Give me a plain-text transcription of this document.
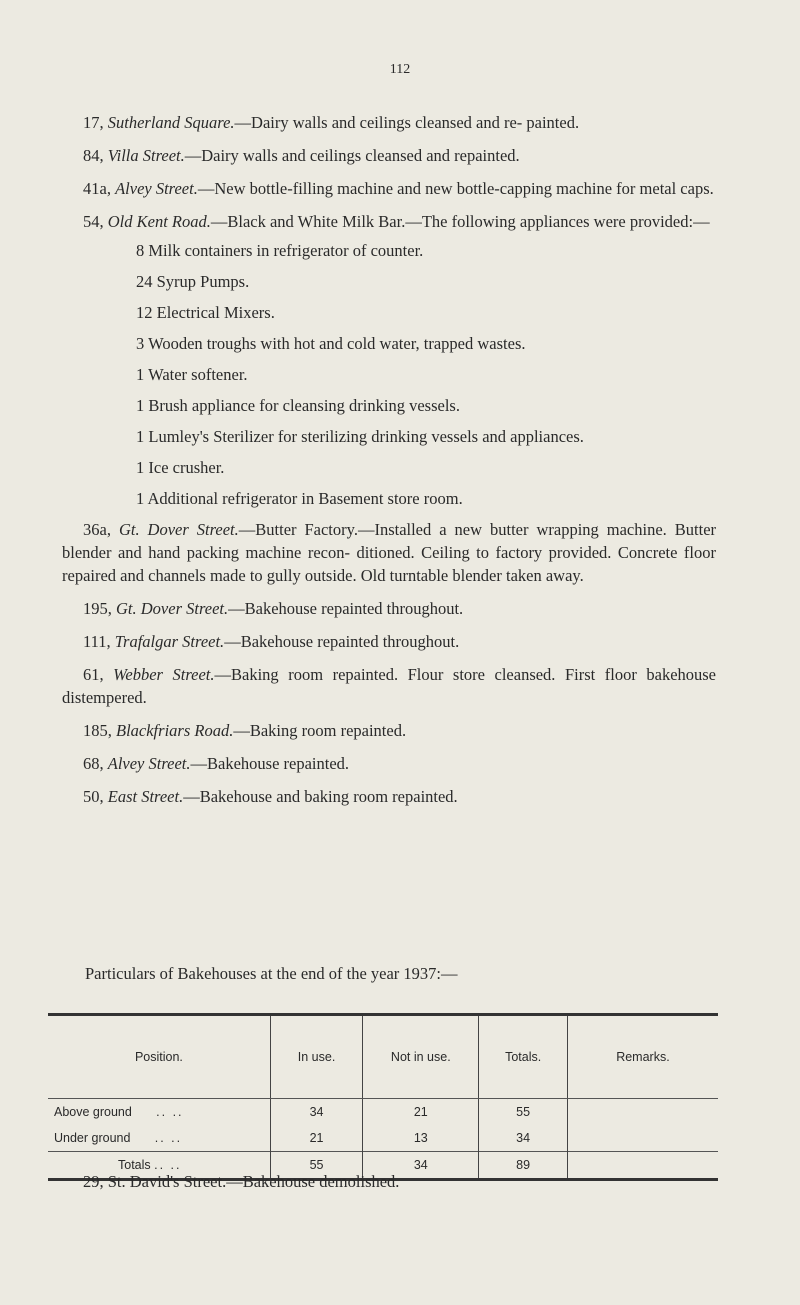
112

17, Sutherland Square.—Dairy walls and ceilings cleansed and re- painted.

84, Villa Street.—Dairy walls and ceilings cleansed and repainted.

41a, Alvey Street.—New bottle-filling machine and new bottle-capping machine for metal caps.

54, Old Kent Road.—Black and White Milk Bar.—The following appliances were provided:—

8 Milk containers in refrigerator of counter.

24 Syrup Pumps.

12 Electrical Mixers.

3 Wooden troughs with hot and cold water, trapped wastes.

1 Water softener.

1 Brush appliance for cleansing drinking vessels.

1 Lumley's Sterilizer for sterilizing drinking vessels and appliances.

1 Ice crusher.

1 Additional refrigerator in Basement store room.

36a, Gt. Dover Street.—Butter Factory.—Installed a new butter wrapping machine. Butter blender and hand packing machine recon- ditioned. Ceiling to factory provided. Concrete floor repaired and channels made to gully outside. Old turntable blender taken away.

195, Gt. Dover Street.—Bakehouse repainted throughout.

111, Trafalgar Street.—Bakehouse repainted throughout.

61, Webber Street.—Baking room repainted. Flour store cleansed. First floor bakehouse distempered.

185, Blackfriars Road.—Baking room repainted.

68, Alvey Street.—Bakehouse repainted.

50, East Street.—Bakehouse and baking room repainted.

Particulars of Bakehouses at the end of the year 1937:—
Position.	In use.	Not in use.	Totals.	Remarks.
Above ground .. ..	34	21	55	
Under ground .. ..	21	13	34	
Totals .. ..	55	34	89	
29, St. David's Street.—Bakehouse demolished.
